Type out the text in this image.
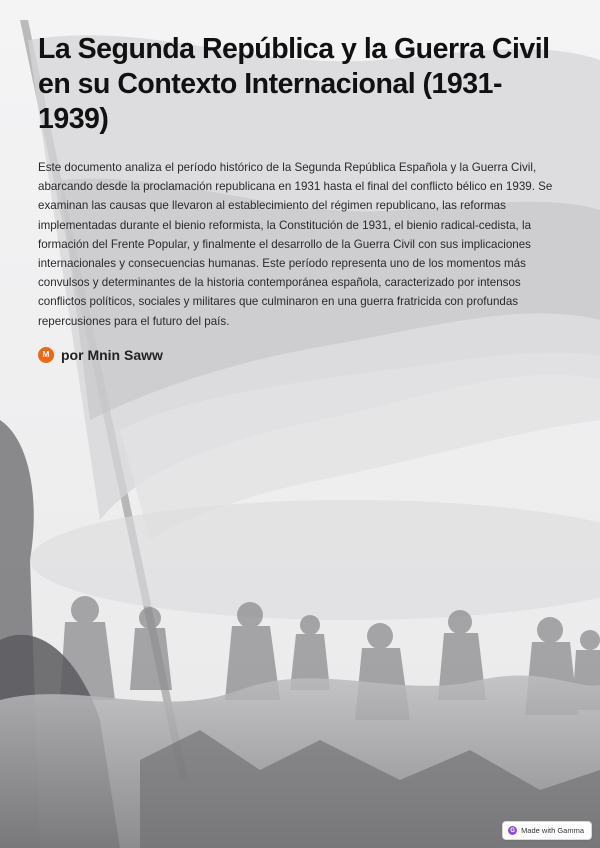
La Segunda República y la Guerra Civil en su Contexto Internacional (1931-1939)

Este documento analiza el período histórico de la Segunda República Española y la Guerra Civil, abarcando desde la proclamación republicana en 1931 hasta el final del conflicto bélico en 1939. Se examinan las causas que llevaron al establecimiento del régimen republicano, las reformas implementadas durante el bienio reformista, la Constitución de 1931, el bienio radical-cedista, la formación del Frente Popular, y finalmente el desarrollo de la Guerra Civil con sus implicaciones internacionales y consecuencias humanas. Este período representa uno de los momentos más convulsos y determinantes de la historia contemporánea española, caracterizado por intensos conflictos políticos, sociales y militares que culminaron en una guerra fratricida con profundas repercusiones para el futuro del país.

M por Mnin Saww
G Made with Gamma
